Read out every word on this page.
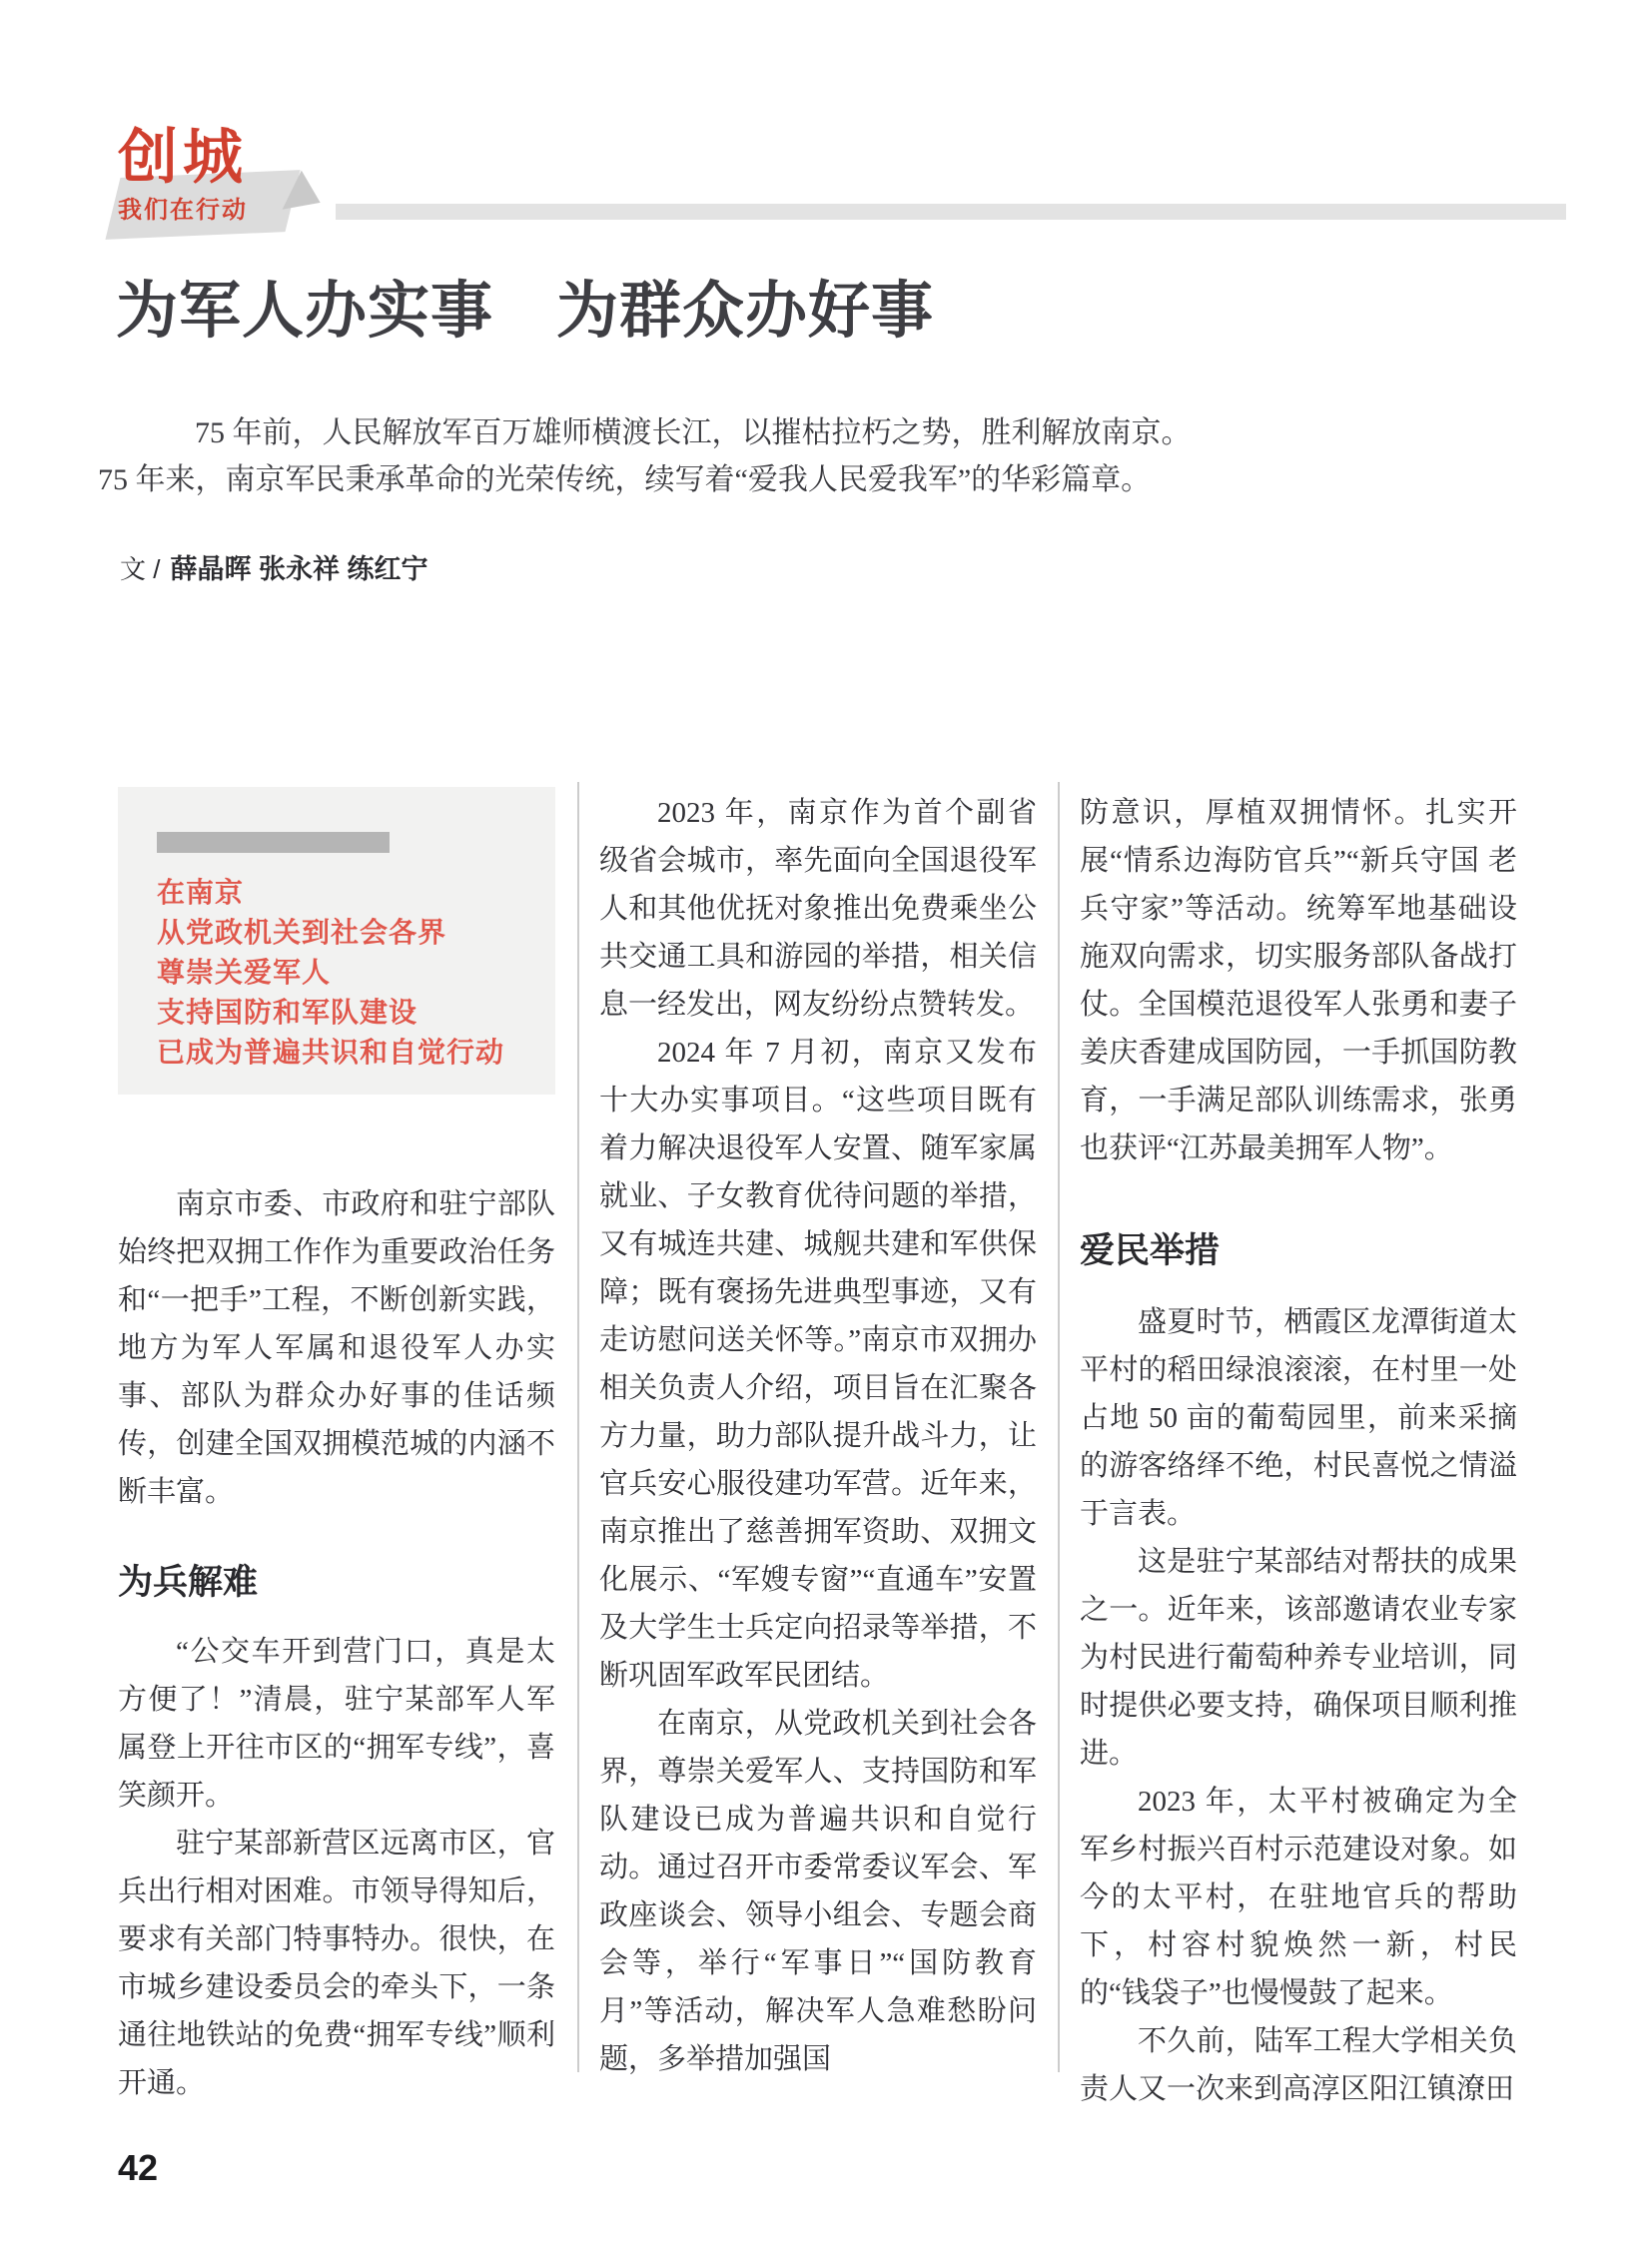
创城
我们在行动
为军人办实事　为群众办好事
75 年前，人民解放军百万雄师横渡长江，以摧枯拉朽之势，胜利解放南京。
75 年来，南京军民秉承革命的光荣传统，续写着“爱我人民爱我军”的华彩篇章。
文 / 薛晶晖 张永祥 练红宁
在南京
从党政机关到社会各界
尊崇关爱军人
支持国防和军队建设
已成为普遍共识和自觉行动

南京市委、市政府和驻宁部队始终把双拥工作作为重要政治任务和“一把手”工程，不断创新实践，地方为军人军属和退役军人办实事、部队为群众办好事的佳话频传，创建全国双拥模范城的内涵不断丰富。

为兵解难

“公交车开到营门口，真是太方便了！”清晨，驻宁某部军人军属登上开往市区的“拥军专线”，喜笑颜开。

驻宁某部新营区远离市区，官兵出行相对困难。市领导得知后，要求有关部门特事特办。很快，在市城乡建设委员会的牵头下，一条通往地铁站的免费“拥军专线”顺利开通。

2023 年，南京作为首个副省级省会城市，率先面向全国退役军人和其他优抚对象推出免费乘坐公共交通工具和游园的举措，相关信息一经发出，网友纷纷点赞转发。

2024 年 7 月初，南京又发布十大办实事项目。“这些项目既有着力解决退役军人安置、随军家属就业、子女教育优待问题的举措，又有城连共建、城舰共建和军供保障；既有褒扬先进典型事迹，又有走访慰问送关怀等。”南京市双拥办相关负责人介绍，项目旨在汇聚各方力量，助力部队提升战斗力，让官兵安心服役建功军营。近年来，南京推出了慈善拥军资助、双拥文化展示、“军嫂专窗”“直通车”安置及大学生士兵定向招录等举措，不断巩固军政军民团结。

在南京，从党政机关到社会各界，尊崇关爱军人、支持国防和军队建设已成为普遍共识和自觉行动。通过召开市委常委议军会、军政座谈会、领导小组会、专题会商会等，举行“军事日”“国防教育月”等活动，解决军人急难愁盼问题，多举措加强国

防意识，厚植双拥情怀。扎实开展“情系边海防官兵”“新兵守国 老兵守家”等活动。统筹军地基础设施双向需求，切实服务部队备战打仗。全国模范退役军人张勇和妻子姜庆香建成国防园，一手抓国防教育，一手满足部队训练需求，张勇也获评“江苏最美拥军人物”。

爱民举措

盛夏时节，栖霞区龙潭街道太平村的稻田绿浪滚滚，在村里一处占地 50 亩的葡萄园里，前来采摘的游客络绎不绝，村民喜悦之情溢于言表。

这是驻宁某部结对帮扶的成果之一。近年来，该部邀请农业专家为村民进行葡萄种养专业培训，同时提供必要支持，确保项目顺利推进。

2023 年，太平村被确定为全军乡村振兴百村示范建设对象。如今的太平村，在驻地官兵的帮助下，村容村貌焕然一新，村民的“钱袋子”也慢慢鼓了起来。

不久前，陆军工程大学相关负责人又一次来到高淳区阳江镇潦田

42
